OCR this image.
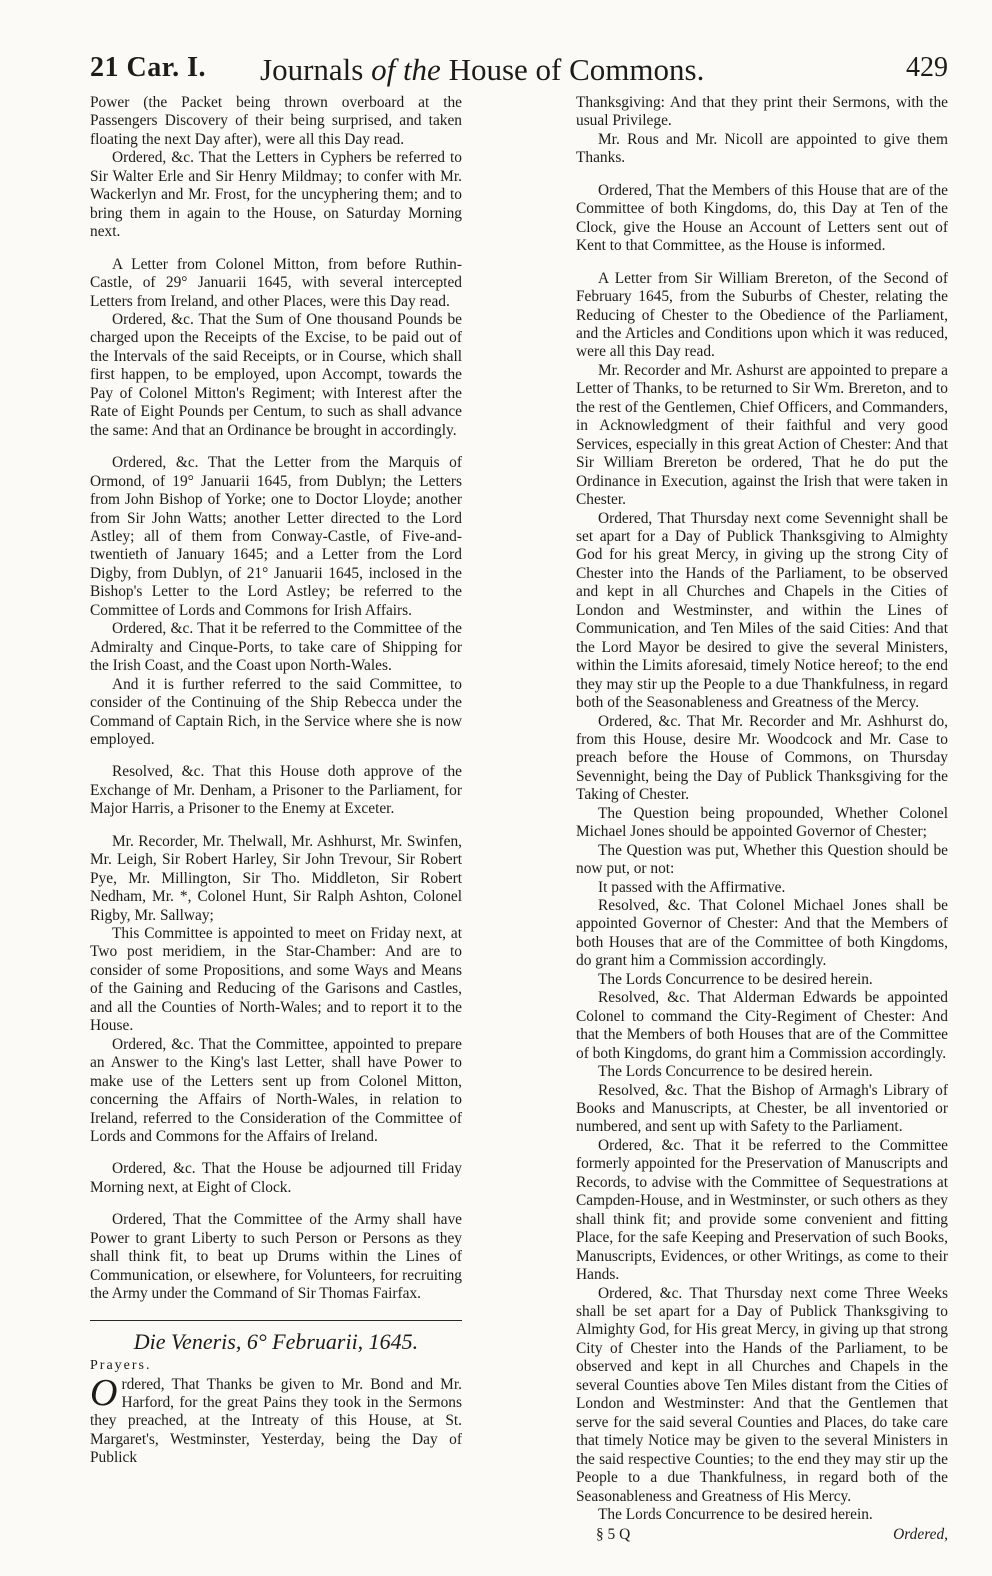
21 Car. I. Journals of the House of Commons.	429

Power (the Packet being thrown overboard at the Passengers Discovery of their being surprised, and taken floating the next Day after), were all this Day read.

Ordered, &c. That the Letters in Cyphers be referred to Sir Walter Erle and Sir Henry Mildmay; to confer with Mr. Wackerlyn and Mr. Frost, for the uncyphering them; and to bring them in again to the House, on Saturday Morning next.

A Letter from Colonel Mitton, from before Ruthin-Castle, of 29° Januarii 1645, with several intercepted Letters from Ireland, and other Places, were this Day read.

Ordered, &c. That the Sum of One thousand Pounds be charged upon the Receipts of the Excise, to be paid out of the Intervals of the said Receipts, or in Course, which shall first happen, to be employed, upon Accompt, towards the Pay of Colonel Mitton's Regiment; with Interest after the Rate of Eight Pounds per Centum, to such as shall advance the same: And that an Ordinance be brought in accordingly.

Ordered, &c. That the Letter from the Marquis of Ormond, of 19° Januarii 1645, from Dublyn; the Letters from John Bishop of Yorke; one to Doctor Lloyde; another from Sir John Watts; another Letter directed to the Lord Astley; all of them from Conway-Castle, of Five-and-twentieth of January 1645; and a Letter from the Lord Digby, from Dublyn, of 21° Januarii 1645, inclosed in the Bishop's Letter to the Lord Astley; be referred to the Committee of Lords and Commons for Irish Affairs.

Ordered, &c. That it be referred to the Committee of the Admiralty and Cinque-Ports, to take care of Shipping for the Irish Coast, and the Coast upon North-Wales.

And it is further referred to the said Committee, to consider of the Continuing of the Ship Rebecca under the Command of Captain Rich, in the Service where she is now employed.

Resolved, &c. That this House doth approve of the Exchange of Mr. Denham, a Prisoner to the Parliament, for Major Harris, a Prisoner to the Enemy at Exceter.

Mr. Recorder, Mr. Thelwall, Mr. Ashhurst, Mr. Swinfen, Mr. Leigh, Sir Robert Harley, Sir John Trevour, Sir Robert Pye, Mr. Millington, Sir Tho. Middleton, Sir Robert Nedham, Mr. *, Colonel Hunt, Sir Ralph Ashton, Colonel Rigby, Mr. Sallway;

This Committee is appointed to meet on Friday next, at Two post meridiem, in the Star-Chamber: And are to consider of some Propositions, and some Ways and Means of the Gaining and Reducing of the Garisons and Castles, and all the Counties of North-Wales; and to report it to the House.

Ordered, &c. That the Committee, appointed to prepare an Answer to the King's last Letter, shall have Power to make use of the Letters sent up from Colonel Mitton, concerning the Affairs of North-Wales, in relation to Ireland, referred to the Consideration of the Committee of Lords and Commons for the Affairs of Ireland.

Ordered, &c. That the House be adjourned till Friday Morning next, at Eight of Clock.

Ordered, That the Committee of the Army shall have Power to grant Liberty to such Person or Persons as they shall think fit, to beat up Drums within the Lines of Communication, or elsewhere, for Volunteers, for recruiting the Army under the Command of Sir Thomas Fairfax.

Die Veneris, 6° Februarii, 1645.
Prayers.

Ordered, That Thanks be given to Mr. Bond and Mr. Harford, for the great Pains they took in the Sermons they preached, at the Intreaty of this House, at St. Margaret's, Westminster, Yesterday, being the Day of Publick

Thanksgiving: And that they print their Sermons, with the usual Privilege.

Mr. Rous and Mr. Nicoll are appointed to give them Thanks.

Ordered, That the Members of this House that are of the Committee of both Kingdoms, do, this Day at Ten of the Clock, give the House an Account of Letters sent out of Kent to that Committee, as the House is informed.

A Letter from Sir William Brereton, of the Second of February 1645, from the Suburbs of Chester, relating the Reducing of Chester to the Obedience of the Parliament, and the Articles and Conditions upon which it was reduced, were all this Day read.

Mr. Recorder and Mr. Ashurst are appointed to prepare a Letter of Thanks, to be returned to Sir Wm. Brereton, and to the rest of the Gentlemen, Chief Officers, and Commanders, in Acknowledgment of their faithful and very good Services, especially in this great Action of Chester: And that Sir William Brereton be ordered, That he do put the Ordinance in Execution, against the Irish that were taken in Chester.

Ordered, That Thursday next come Sevennight shall be set apart for a Day of Publick Thanksgiving to Almighty God for his great Mercy, in giving up the strong City of Chester into the Hands of the Parliament, to be observed and kept in all Churches and Chapels in the Cities of London and Westminster, and within the Lines of Communication, and Ten Miles of the said Cities: And that the Lord Mayor be desired to give the several Ministers, within the Limits aforesaid, timely Notice hereof; to the end they may stir up the People to a due Thankfulness, in regard both of the Seasonableness and Greatness of the Mercy.

Ordered, &c. That Mr. Recorder and Mr. Ashhurst do, from this House, desire Mr. Woodcock and Mr. Case to preach before the House of Commons, on Thursday Sevennight, being the Day of Publick Thanksgiving for the Taking of Chester.

The Question being propounded, Whether Colonel Michael Jones should be appointed Governor of Chester;

The Question was put, Whether this Question should be now put, or not:

It passed with the Affirmative.

Resolved, &c. That Colonel Michael Jones shall be appointed Governor of Chester: And that the Members of both Houses that are of the Committee of both Kingdoms, do grant him a Commission accordingly.

The Lords Concurrence to be desired herein.

Resolved, &c. That Alderman Edwards be appointed Colonel to command the City-Regiment of Chester: And that the Members of both Houses that are of the Committee of both Kingdoms, do grant him a Commission accordingly.

The Lords Concurrence to be desired herein.

Resolved, &c. That the Bishop of Armagh's Library of Books and Manuscripts, at Chester, be all inventoried or numbered, and sent up with Safety to the Parliament.

Ordered, &c. That it be referred to the Committee formerly appointed for the Preservation of Manuscripts and Records, to advise with the Committee of Sequestrations at Campden-House, and in Westminster, or such others as they shall think fit; and provide some convenient and fitting Place, for the safe Keeping and Preservation of such Books, Manuscripts, Evidences, or other Writings, as come to their Hands.

Ordered, &c. That Thursday next come Three Weeks shall be set apart for a Day of Publick Thanksgiving to Almighty God, for His great Mercy, in giving up that strong City of Chester into the Hands of the Parliament, to be observed and kept in all Churches and Chapels in the several Counties above Ten Miles distant from the Cities of London and Westminster: And that the Gentlemen that serve for the said several Counties and Places, do take care that timely Notice may be given to the several Ministers in the said respective Counties; to the end they may stir up the People to a due Thankfulness, in regard both of the Seasonableness and Greatness of His Mercy.

The Lords Concurrence to be desired herein.

§ 5 Q	Ordered,
